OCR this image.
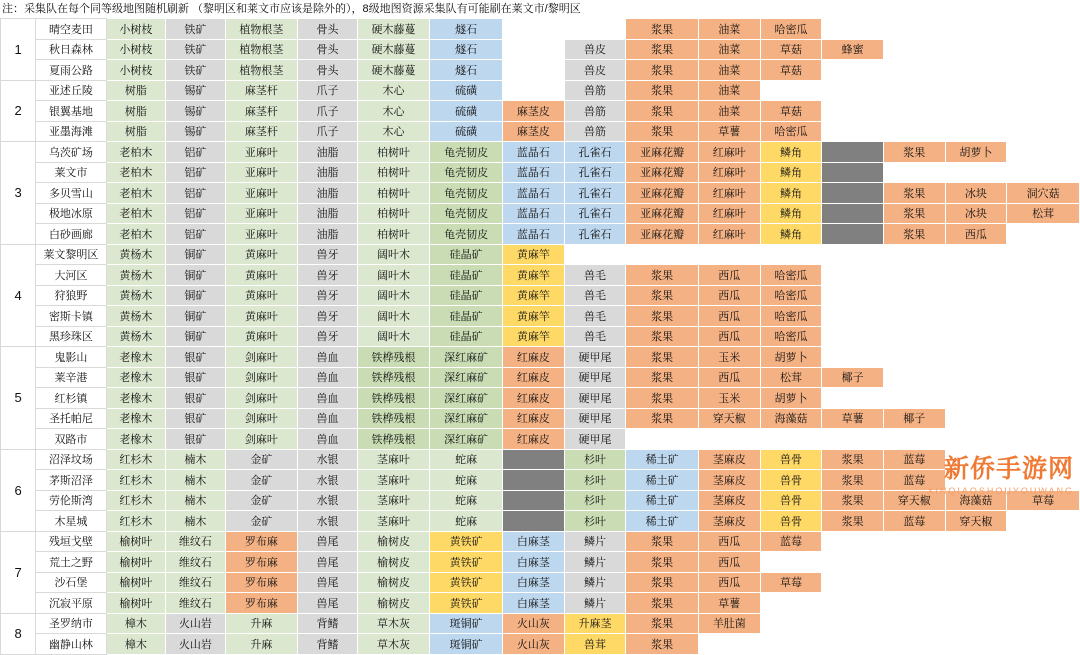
注：采集队在每个同等级地图随机刷新 （黎明区和莱文市应该是除外的），8级地图资源采集队有可能刷在莱文市/黎明区
1	晴空麦田	小树枝	铁矿	植物根茎	骨头	硬木藤蔓	燧石			浆果	油菜	哈密瓜				
	秋日森林	小树枝	铁矿	植物根茎	骨头	硬木藤蔓	燧石		兽皮	浆果	油菜	草菇	蜂蜜			
	夏雨公路	小树枝	铁矿	植物根茎	骨头	硬木藤蔓	燧石		兽皮	浆果	油菜	草菇				
2	亚述丘陵	树脂	锡矿	麻茎杆	爪子	木心	硫磺		兽筋	浆果	油菜					
	银翼基地	树脂	锡矿	麻茎杆	爪子	木心	硫磺	麻茎皮	兽筋	浆果	油菜	草菇				
	亚墨海滩	树脂	锡矿	麻茎杆	爪子	木心	硫磺	麻茎皮	兽筋	浆果	草薯	哈密瓜				
3	乌茨矿场	老柏木	铝矿	亚麻叶	油脂	柏树叶	龟壳韧皮	蓝晶石	孔雀石	亚麻花瓣	红麻叶	鳞角	硬甲皮	浆果	胡萝卜	
	莱文市	老柏木	铝矿	亚麻叶	油脂	柏树叶	龟壳韧皮	蓝晶石	孔雀石	亚麻花瓣	红麻叶	鳞角	硬甲皮			
	多贝雪山	老柏木	铝矿	亚麻叶	油脂	柏树叶	龟壳韧皮	蓝晶石	孔雀石	亚麻花瓣	红麻叶	鳞角	硬甲皮	浆果	冰块	洞穴菇
	极地冰原	老柏木	铝矿	亚麻叶	油脂	柏树叶	龟壳韧皮	蓝晶石	孔雀石	亚麻花瓣	红麻叶	鳞角	硬甲皮	浆果	冰块	松茸
	白砂画廊	老柏木	铝矿	亚麻叶	油脂	柏树叶	龟壳韧皮	蓝晶石	孔雀石	亚麻花瓣	红麻叶	鳞角	硬甲皮	浆果	西瓜	
4	莱文黎明区	黄杨木	铜矿	黄麻叶	兽牙	阔叶木	硅晶矿	黄麻竿								
	大河区	黄杨木	铜矿	黄麻叶	兽牙	阔叶木	硅晶矿	黄麻竿	兽毛	浆果	西瓜	哈密瓜				
	狩狼野	黄杨木	铜矿	黄麻叶	兽牙	阔叶木	硅晶矿	黄麻竿	兽毛	浆果	西瓜	哈密瓜				
	密斯卡镇	黄杨木	铜矿	黄麻叶	兽牙	阔叶木	硅晶矿	黄麻竿	兽毛	浆果	西瓜	哈密瓜				
	黑珍珠区	黄杨木	铜矿	黄麻叶	兽牙	阔叶木	硅晶矿	黄麻竿	兽毛	浆果	西瓜	哈密瓜				
5	鬼影山	老橡木	银矿	剑麻叶	兽血	铁桦残根	深红麻矿	红麻皮	硬甲尾	浆果	玉米	胡萝卜				
	莱辛港	老橡木	银矿	剑麻叶	兽血	铁桦残根	深红麻矿	红麻皮	硬甲尾	浆果	西瓜	松茸	椰子			
	红杉镇	老橡木	银矿	剑麻叶	兽血	铁桦残根	深红麻矿	红麻皮	硬甲尾	浆果	玉米	胡萝卜				
	圣托帕尼	老橡木	银矿	剑麻叶	兽血	铁桦残根	深红麻矿	红麻皮	硬甲尾	浆果	穿天椒	海藻菇	草薯	椰子		
	双路市	老橡木	银矿	剑麻叶	兽血	铁桦残根	深红麻矿	红麻皮	硬甲尾							
6	沼泽坟场	红杉木	楠木	金矿	水银	茎麻叶	蛇麻	兽蹄	杉叶	稀土矿	茎麻皮	兽骨	浆果	蓝莓		
	茅斯沼泽	红杉木	楠木	金矿	水银	茎麻叶	蛇麻	兽蹄	杉叶	稀土矿	茎麻皮	兽骨	浆果	蓝莓		
	劳伦斯湾	红杉木	楠木	金矿	水银	茎麻叶	蛇麻	兽蹄	杉叶	稀土矿	茎麻皮	兽骨	浆果	穿天椒	海藻菇	草莓
	木星城	红杉木	楠木	金矿	水银	茎麻叶	蛇麻	兽蹄	杉叶	稀土矿	茎麻皮	兽骨	浆果	蓝莓	穿天椒	
7	残垣戈壁	榆树叶	维纹石	罗布麻	兽尾	榆树皮	黄铁矿	白麻茎	鳞片	浆果	西瓜	蓝莓				
	荒土之野	榆树叶	维纹石	罗布麻	兽尾	榆树皮	黄铁矿	白麻茎	鳞片	浆果	西瓜					
	沙石堡	榆树叶	维纹石	罗布麻	兽尾	榆树皮	黄铁矿	白麻茎	鳞片	浆果	西瓜	草莓				
	沉寂平原	榆树叶	维纹石	罗布麻	兽尾	榆树皮	黄铁矿	白麻茎	鳞片	浆果	草薯					
8	圣罗纳市	樟木	火山岩	升麻	背鳍	草木灰	斑铜矿	火山灰	升麻茎	浆果	羊肚菌					
	幽静山林	樟木	火山岩	升麻	背鳍	草木灰	斑铜矿	火山灰	兽茸	浆果						
新侨手游网
XINQIAOSHOUYOUWANG
